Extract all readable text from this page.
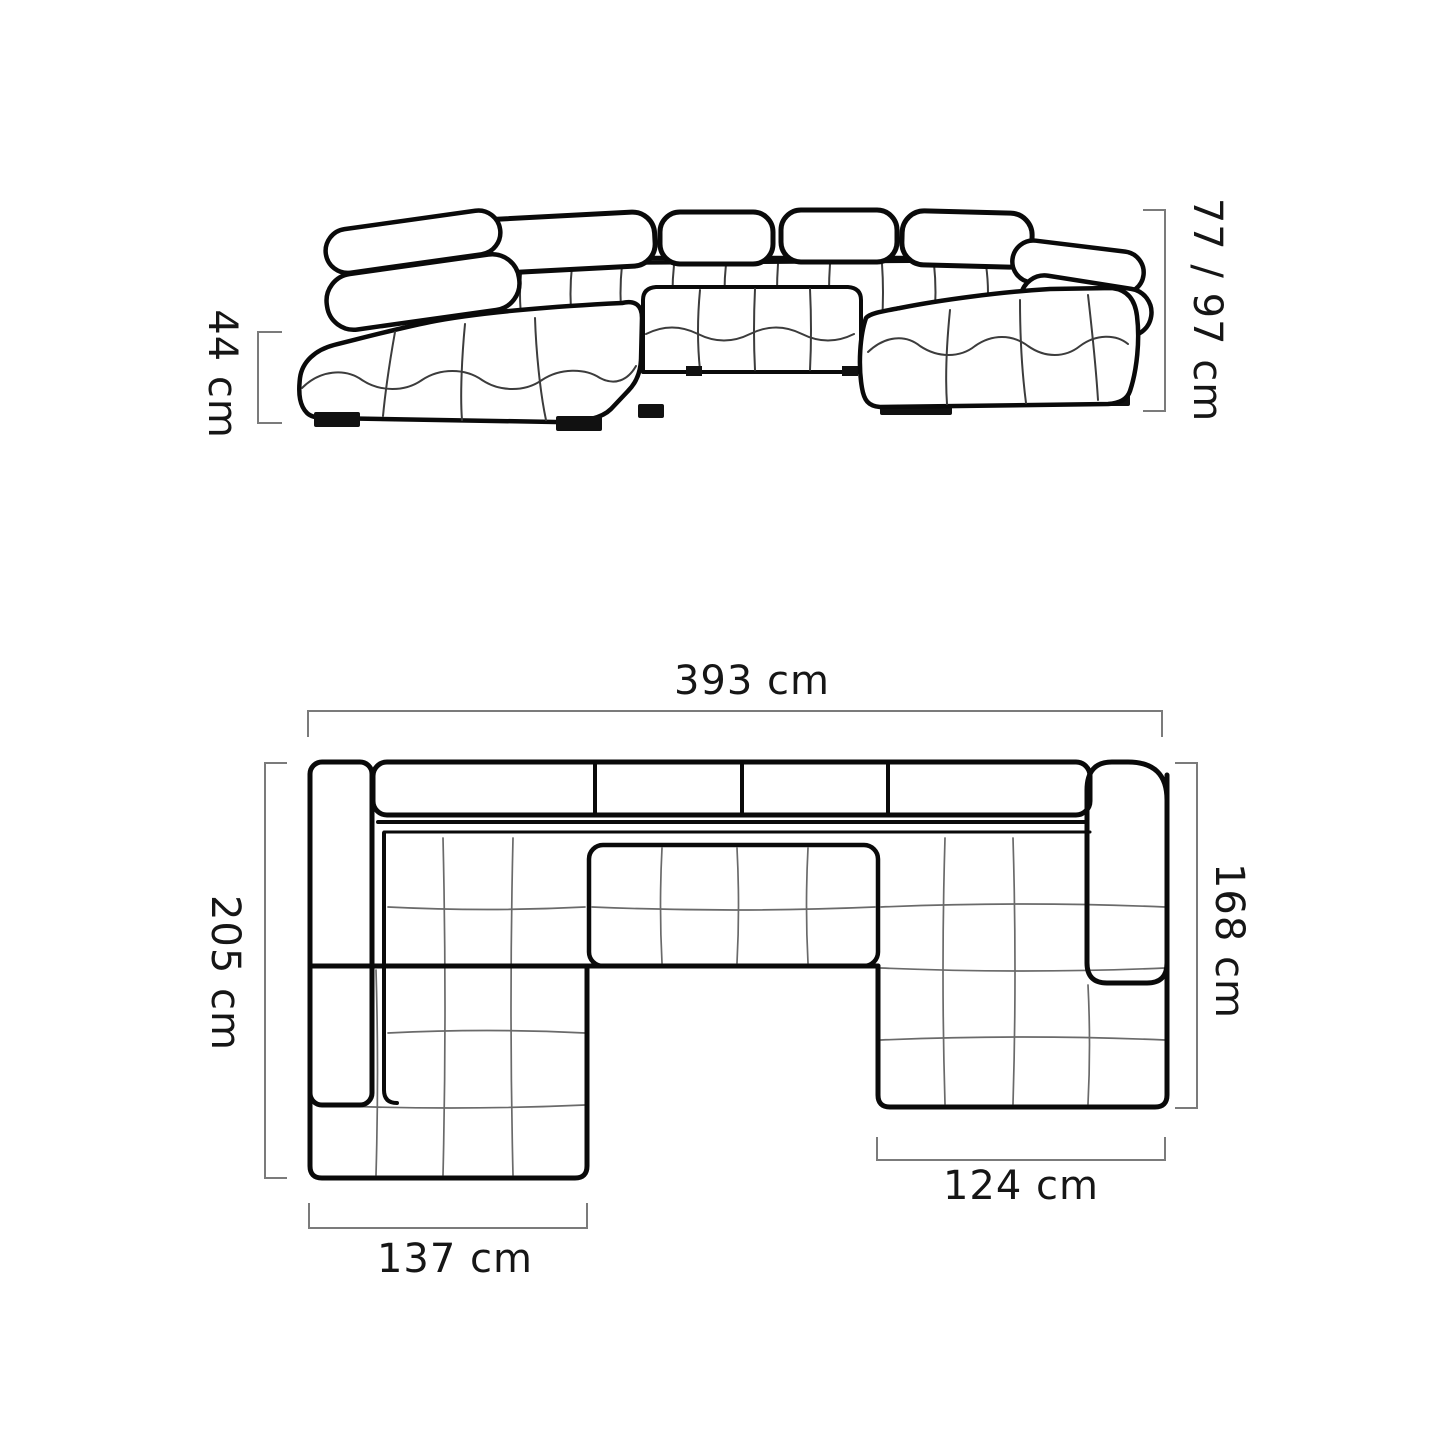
44 cm	77 / 97 cm
393 cm
205 cm	168 cm
124 cm
137 cm
